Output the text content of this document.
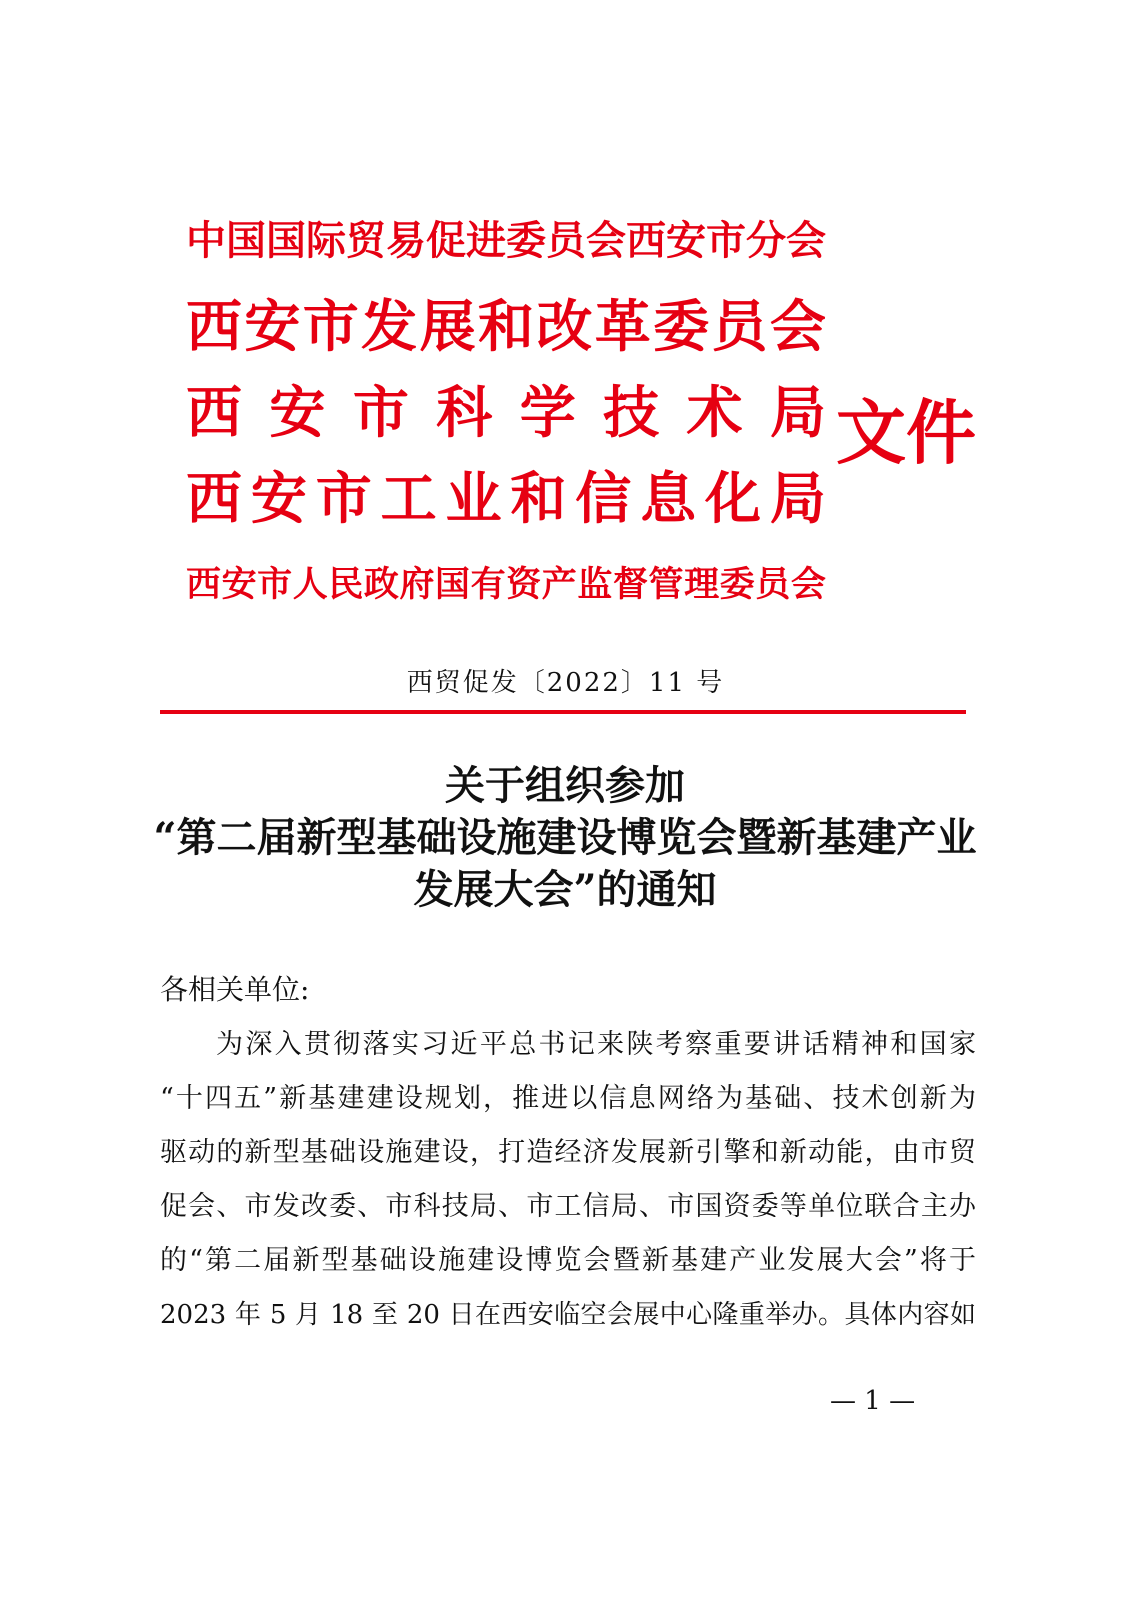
中 国 国 际 贸 易 促 进 委 员 会 西 安 市 分 会
西 安 市 发 展 和 改 革 委 员 会
西 安 市 科 学 技 术 局
西 安 市 工 业 和 信 息 化 局
西 安 市 人 民 政 府 国 有 资 产 监 督 管 理 委 员 会
文件
西贸促发〔2022〕11 号
关于组织参加
“第二届新型基础设施建设博览会暨新基建产业
发展大会”的通知
各相关单位:
为深入贯彻落实习近平总书记来陕考察重要讲话精神和国家
“十四五”新基建建设规划，推进以信息网络为基础、技术创新为
驱动的新型基础设施建设，打造经济发展新引擎和新动能，由市贸
促会、市发改委、市科技局、市工信局、市国资委等单位联合主办
的“第二届新型基础设施建设博览会暨新基建产业发展大会”将于
2023 年 5 月 18 至 20 日在西安临空会展中心隆重举办。具体内容如
— 1 —
